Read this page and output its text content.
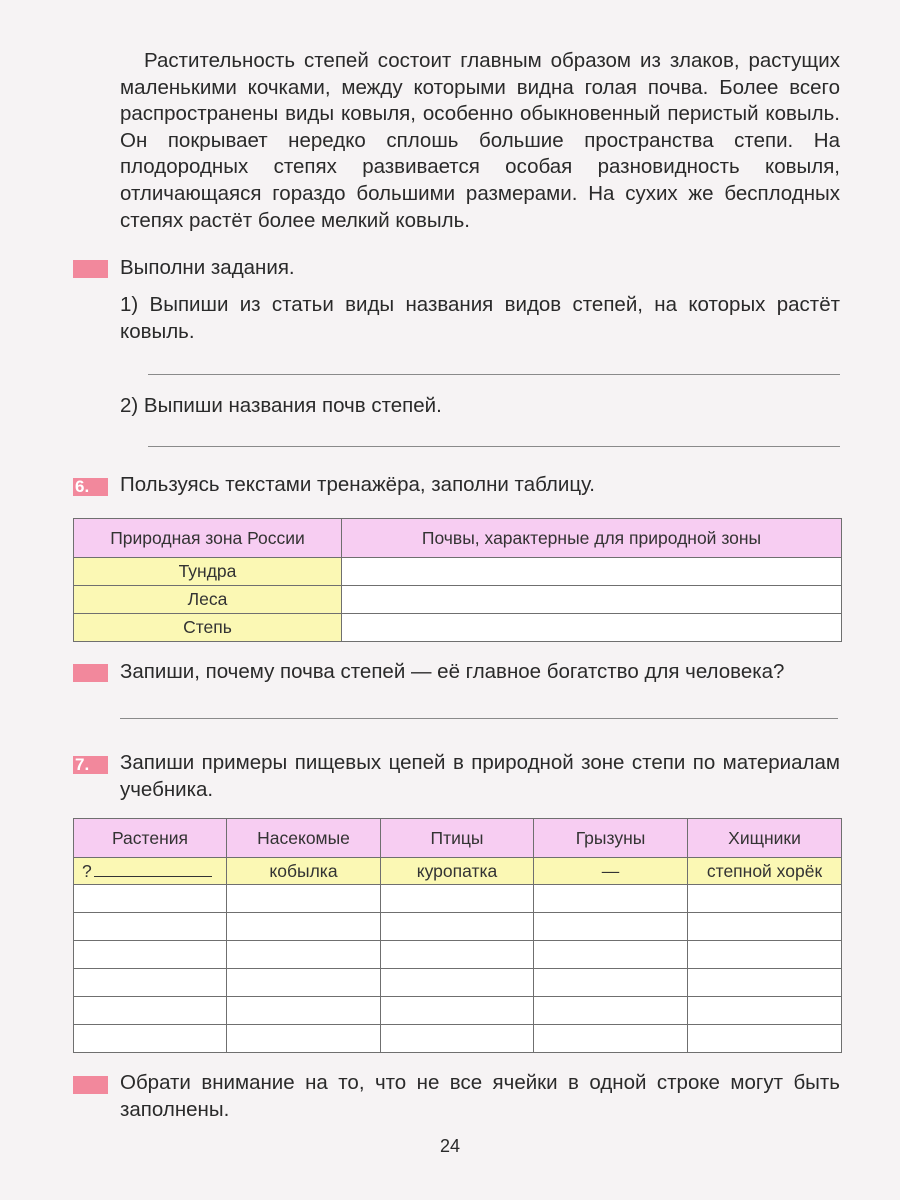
Растительность степей состоит главным образом из злаков, растущих маленькими кочками, между которыми видна голая почва. Более всего распространены виды ковыля, особенно обыкновенный перистый ковыль. Он покрывает нередко сплошь большие пространства степи. На плодородных степях развивается особая разновидность ковыля, отличающаяся гораздо большими размерами. На сухих же бесплодных степях растёт более мелкий ковыль.
Выполни задания.
1) Выпиши из статьи виды названия видов степей, на которых растёт ковыль.
2) Выпиши названия почв степей.
6.	Пользуясь текстами тренажёра, заполни таблицу.
Природная зона России	Почвы, характерные для природной зоны
Тундра	
Леса	
Степь	
Запиши, почему почва степей — её главное богатство для человека?
7.	Запиши примеры пищевых цепей в природной зоне степи по материалам учебника.
Растения	Насекомые	Птицы	Грызуны	Хищники
?	кобылка	куропатка	—	степной хорёк

Обрати внимание на то, что не все ячейки в одной строке могут быть заполнены.
24
